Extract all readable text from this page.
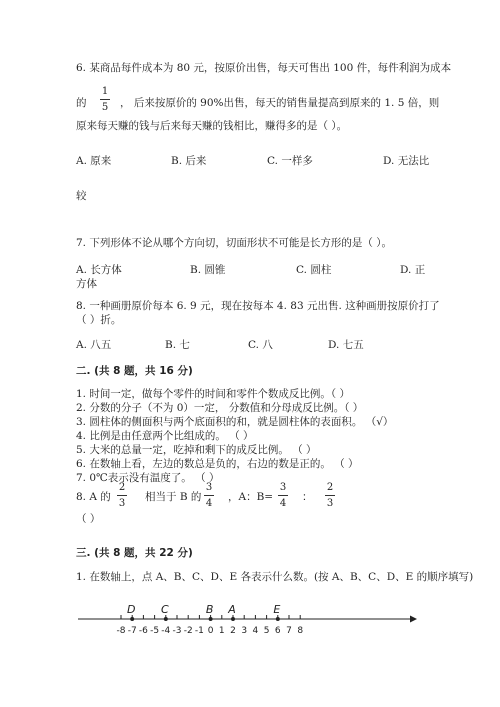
6. 某商品每件成本为 80 元，按原价出售，每天可售出 100 件，每件利润为成本
的
1
5 ， 后来按原价的 90%出售，每天的销售量提高到原来的 1. 5 倍，则
原来每天赚的钱与后来每天赚的钱相比，赚得多的是（ ）。
A. 原来	B. 后来	C. 一样多	D. 无法比
较
7. 下列形体不论从哪个方向切，切面形状不可能是长方形的是（ ）。
A. 长方体	B. 圆锥	C. 圆柱	D. 正
方体
8. 一种画册原价每本 6. 9 元，现在按每本 4. 83 元出售. 这种画册按原价打了
（ ）折。
A. 八五	B. 七	C. 八	D. 七五
二. (共 8 题，共 16 分)
1. 时间一定，做每个零件的时间和零件个数成反比例。（ ）
2. 分数的分子（不为 0）一定， 分数值和分母成反比例。（ ）
3. 圆柱体的侧面积与两个底面积的和，就是圆柱体的表面积。 （√）
4. 比例是由任意两个比组成的。 （ ）
5. 大米的总量一定，吃掉和剩下的成反比例。 （ ）
6. 在数轴上看，左边的数总是负的，右边的数是正的。 （ ）
7. 0℃表示没有温度了。 （ ）
8. A 的
2
3
相当于 B 的
3
4
，A：B=
3
4
：
2
3
（ ）
三. (共 8 题，共 22 分)
1. 在数轴上，点 A、B、C、D、E 各表示什么数。(按 A、B、C、D、E 的顺序填写)
-8 -7 -6 -5 -4 -3 -2 -1 0 1 2 3 4 5 6 7 8
D C	B A	E
